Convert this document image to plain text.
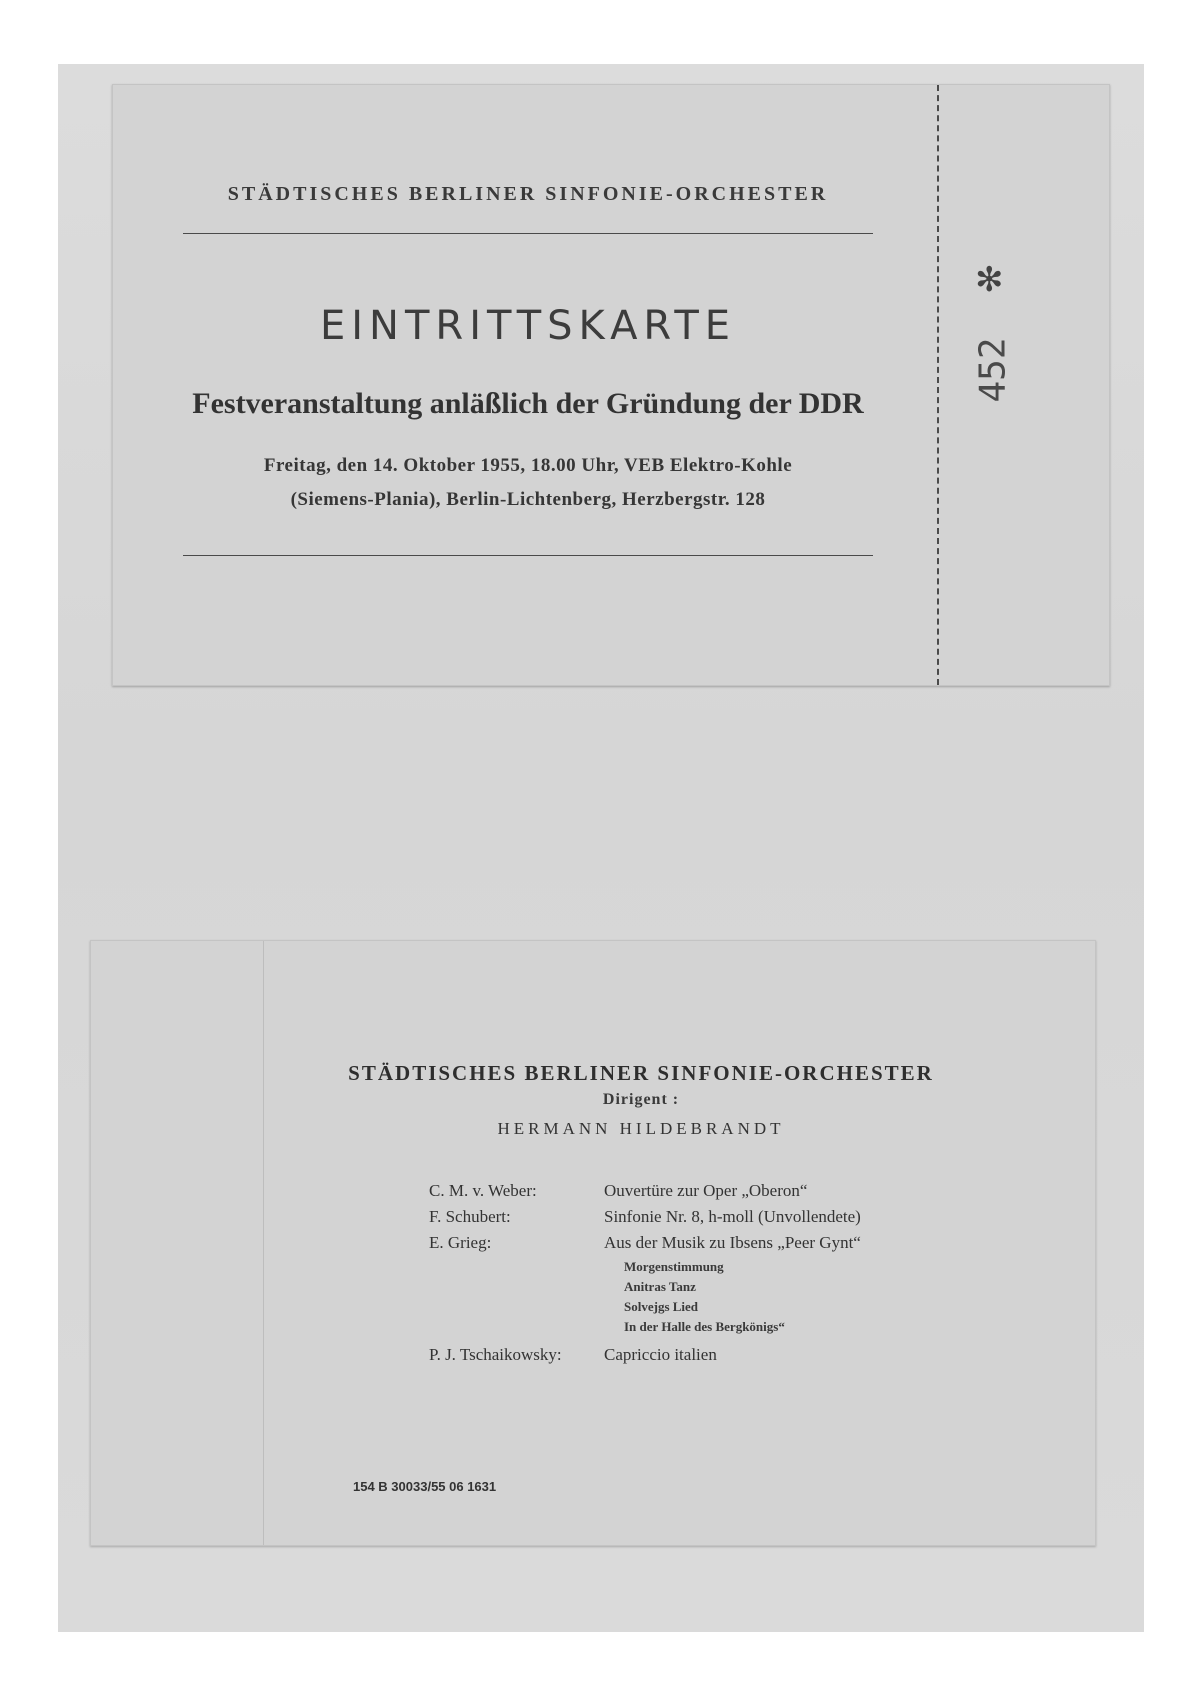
STÄDTISCHES BERLINER SINFONIE-ORCHESTER
EINTRITTSKARTE
Festveranstaltung anläßlich der Gründung der DDR
Freitag, den 14. Oktober 1955, 18.00 Uhr, VEB Elektro-Kohle
(Siemens-Plania), Berlin-Lichtenberg, Herzbergstr. 128
✻
452
STÄDTISCHES BERLINER SINFONIE-ORCHESTER
Dirigent :
HERMANN HILDEBRANDT
C. M. v. Weber:	Ouvertüre zur Oper „Oberon“
F. Schubert:	Sinfonie Nr. 8, h-moll (Unvollendete)
E. Grieg:	Aus der Musik zu Ibsens „Peer Gynt“
Morgenstimmung
Anitras Tanz
Solvejgs Lied
In der Halle des Bergkönigs“
P. J. Tschaikowsky: Capriccio italien
154 B 30033/55 06 1631
